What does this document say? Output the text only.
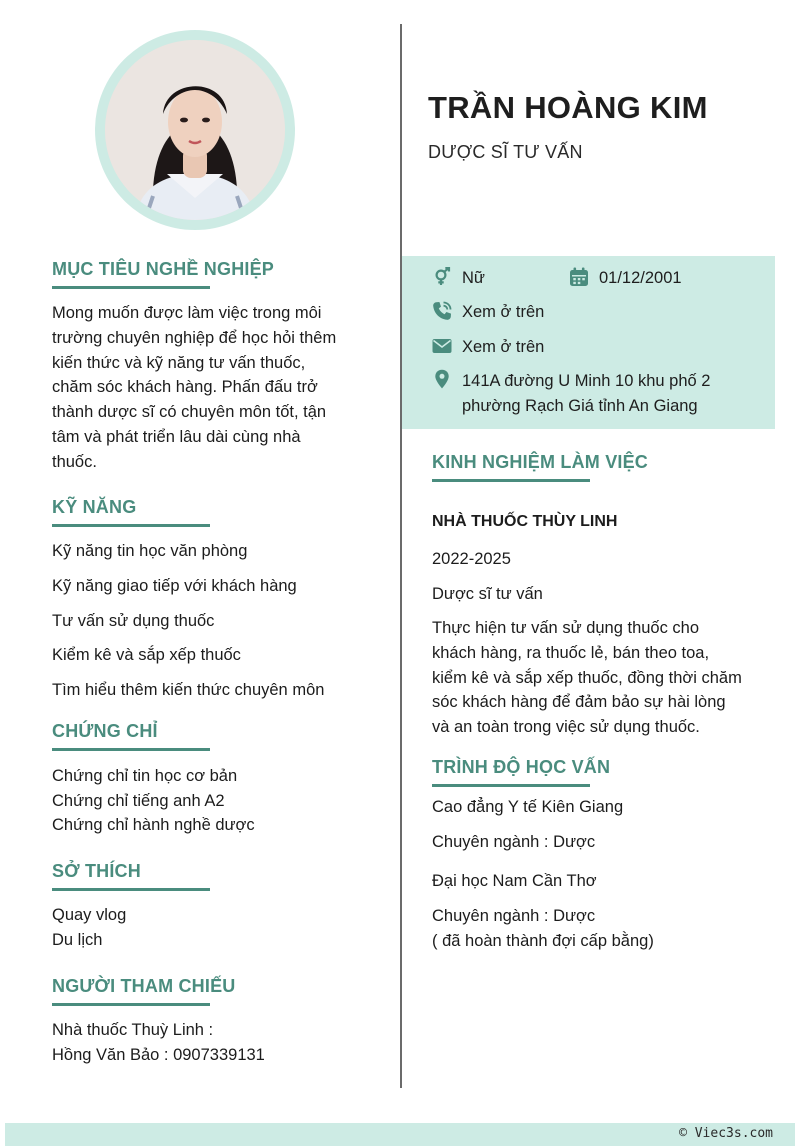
TRẦN HOÀNG KIM
DƯỢC SĨ TƯ VẤN
Nữ	01/12/2001
Xem ở trên
Xem ở trên
141A đường U Minh 10 khu phố 2
phường Rạch Giá tỉnh An Giang
MỤC TIÊU NGHỀ NGHIỆP
Mong muốn được làm việc trong môi
trường chuyên nghiệp để học hỏi thêm
kiến thức và kỹ năng tư vấn thuốc,
chăm sóc khách hàng. Phấn đấu trở
thành dược sĩ có chuyên môn tốt, tận
tâm và phát triển lâu dài cùng nhà
thuốc.
KỸ NĂNG
Kỹ năng tin học văn phòng
Kỹ năng giao tiếp với khách hàng
Tư vấn sử dụng thuốc
Kiểm kê và sắp xếp thuốc
Tìm hiểu thêm kiến thức chuyên môn
CHỨNG CHỈ
Chứng chỉ tin học cơ bản
Chứng chỉ tiếng anh A2
Chứng chỉ hành nghề dược
SỞ THÍCH
Quay vlog
Du lịch
NGƯỜI THAM CHIẾU
Nhà thuốc Thuỳ Linh :
Hồng Văn Bảo : 0907339131
KINH NGHIỆM LÀM VIỆC
NHÀ THUỐC THÙY LINH
2022-2025
Dược sĩ tư vấn
Thực hiện tư vấn sử dụng thuốc cho
khách hàng, ra thuốc lẻ, bán theo toa,
kiểm kê và sắp xếp thuốc, đồng thời chăm
sóc khách hàng để đảm bảo sự hài lòng
và an toàn trong việc sử dụng thuốc.
TRÌNH ĐỘ HỌC VẤN
Cao đẳng Y tế Kiên Giang
Chuyên ngành : Dược
Đại học Nam Cần Thơ
Chuyên ngành : Dược
( đã hoàn thành đợi cấp bằng)
© Viec3s.com
